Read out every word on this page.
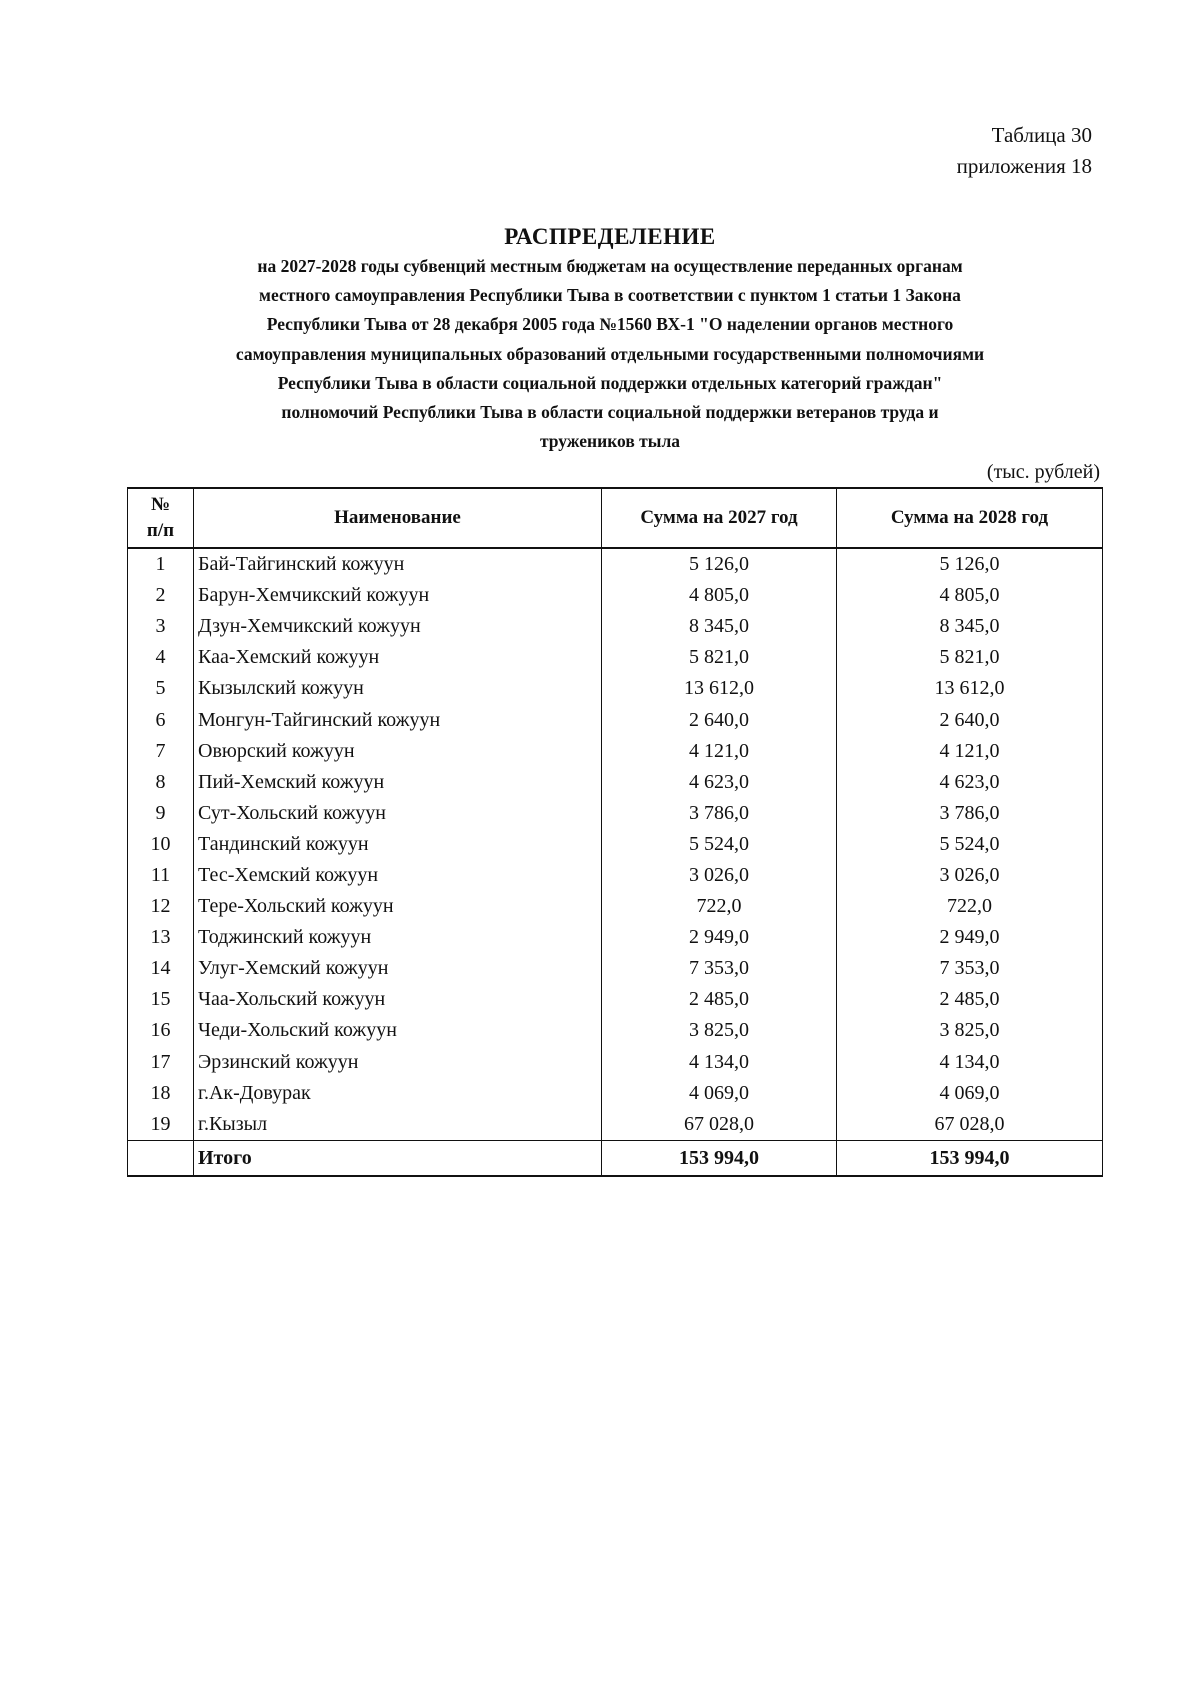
Таблица 30
приложения 18
РАСПРЕДЕЛЕНИЕ
на 2027-2028 годы субвенций местным бюджетам на осуществление переданных органам
местного самоуправления Республики Тыва в соответствии с пунктом 1 статьи 1 Закона
Республики Тыва от 28 декабря 2005 года №1560 ВХ-1 "О наделении органов местного
самоуправления муниципальных образований отдельными государственными полномочиями
Республики Тыва в области социальной поддержки отдельных категорий граждан"
полномочий Республики Тыва в области социальной поддержки ветеранов труда и
тружеников тыла
(тыс. рублей)
№
п/п	Наименование	Сумма на 2027 год	Сумма на 2028 год
1	Бай-Тайгинский кожуун	5 126,0	5 126,0
2	Барун-Хемчикский кожуун	4 805,0	4 805,0
3	Дзун-Хемчикский кожуун	8 345,0	8 345,0
4	Каа-Хемский кожуун	5 821,0	5 821,0
5	Кызылский кожуун	13 612,0	13 612,0
6	Монгун-Тайгинский кожуун	2 640,0	2 640,0
7	Овюрский кожуун	4 121,0	4 121,0
8	Пий-Хемский кожуун	4 623,0	4 623,0
9	Сут-Хольский кожуун	3 786,0	3 786,0
10	Тандинский кожуун	5 524,0	5 524,0
11	Тес-Хемский кожуун	3 026,0	3 026,0
12	Тере-Хольский кожуун	722,0	722,0
13	Тоджинский кожуун	2 949,0	2 949,0
14	Улуг-Хемский кожуун	7 353,0	7 353,0
15	Чаа-Хольский кожуун	2 485,0	2 485,0
16	Чеди-Хольский кожуун	3 825,0	3 825,0
17	Эрзинский кожуун	4 134,0	4 134,0
18	г.Ак-Довурак	4 069,0	4 069,0
19	г.Кызыл	67 028,0	67 028,0
	Итого	153 994,0	153 994,0
